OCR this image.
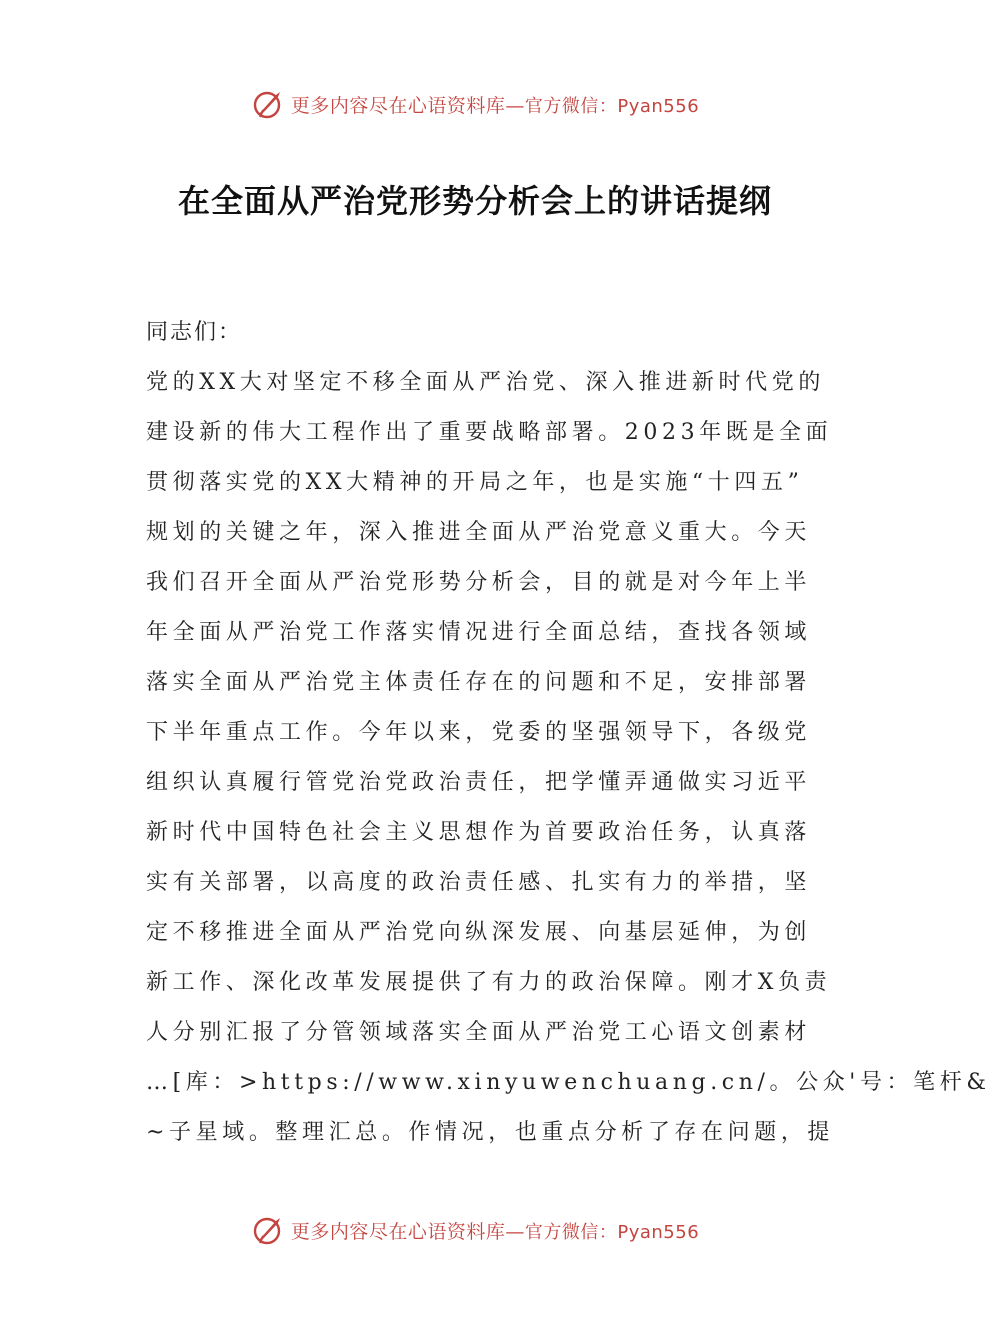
更多内容尽在心语资料库—官方微信：Pyan556
在全面从严治党形势分析会上的讲话提纲
同志们：
党的XX大对坚定不移全面从严治党、深入推进新时代党的
建设新的伟大工程作出了重要战略部署。2023年既是全面
贯彻落实党的XX大精神的开局之年，也是实施“十四五”
规划的关键之年，深入推进全面从严治党意义重大。今天
我们召开全面从严治党形势分析会，目的就是对今年上半
年全面从严治党工作落实情况进行全面总结，查找各领域
落实全面从严治党主体责任存在的问题和不足，安排部署
下半年重点工作。今年以来，党委的坚强领导下，各级党
组织认真履行管党治党政治责任，把学懂弄通做实习近平
新时代中国特色社会主义思想作为首要政治任务，认真落
实有关部署，以高度的政治责任感、扎实有力的举措，坚
定不移推进全面从严治党向纵深发展、向基层延伸，为创
新工作、深化改革发展提供了有力的政治保障。刚才X负责
人分别汇报了分管领域落实全面从严治党工心语文创素材
…[库：>https://www.xinyuwenchuang.cn/。公众'号：笔杆&
~子星域。整理汇总。作情况，也重点分析了存在问题，提
更多内容尽在心语资料库—官方微信：Pyan556
